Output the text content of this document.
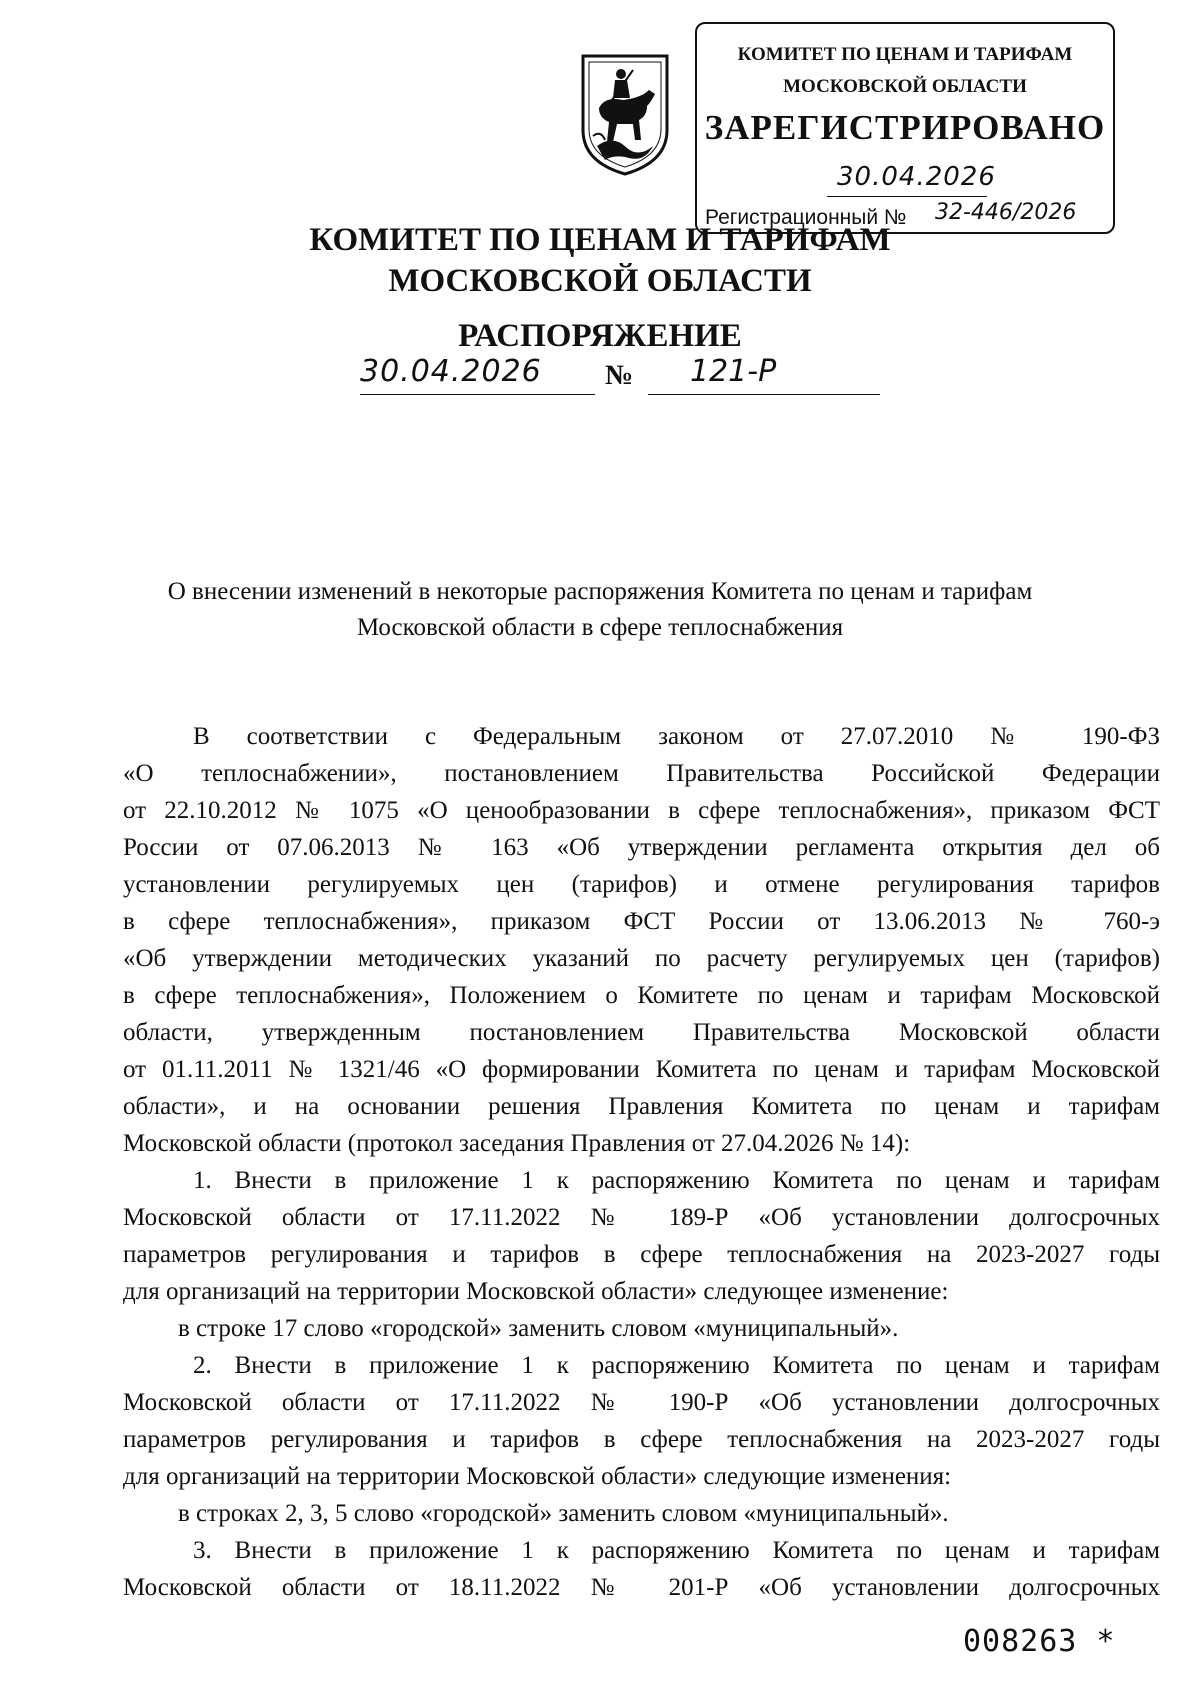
КОМИТЕТ ПО ЦЕНАМ И ТАРИФАМ
МОСКОВСКОЙ ОБЛАСТИ
ЗАРЕГИСТРИРОВАНО
30.04.2026
Регистрационный № 32-446/2026
КОМИТЕТ ПО ЦЕНАМ И ТАРИФАМ
МОСКОВСКОЙ ОБЛАСТИ
РАСПОРЯЖЕНИЕ
30.04.2026 № 121-Р
О внесении изменений в некоторые распоряжения Комитета по ценам и тарифам
Московской области в сфере теплоснабжения
В соответствии с Федеральным законом от 27.07.2010 № 190-ФЗ
«О теплоснабжении», постановлением Правительства Российской Федерации
от 22.10.2012 № 1075 «О ценообразовании в сфере теплоснабжения», приказом ФСТ
России от 07.06.2013 № 163 «Об утверждении регламента открытия дел об
установлении регулируемых цен (тарифов) и отмене регулирования тарифов
в сфере теплоснабжения», приказом ФСТ России от 13.06.2013 № 760-э
«Об утверждении методических указаний по расчету регулируемых цен (тарифов)
в сфере теплоснабжения», Положением о Комитете по ценам и тарифам Московской
области, утвержденным постановлением Правительства Московской области
от 01.11.2011 № 1321/46 «О формировании Комитета по ценам и тарифам Московской
области», и на основании решения Правления Комитета по ценам и тарифам
Московской области (протокол заседания Правления от 27.04.2026 № 14):
1. Внести в приложение 1 к распоряжению Комитета по ценам и тарифам
Московской области от 17.11.2022 № 189-Р «Об установлении долгосрочных
параметров регулирования и тарифов в сфере теплоснабжения на 2023-2027 годы
для организаций на территории Московской области» следующее изменение:
в строке 17 слово «городской» заменить словом «муниципальный».
2. Внести в приложение 1 к распоряжению Комитета по ценам и тарифам
Московской области от 17.11.2022 № 190-Р «Об установлении долгосрочных
параметров регулирования и тарифов в сфере теплоснабжения на 2023-2027 годы
для организаций на территории Московской области» следующие изменения:
в строках 2, 3, 5 слово «городской» заменить словом «муниципальный».
3. Внести в приложение 1 к распоряжению Комитета по ценам и тарифам
Московской области от 18.11.2022 № 201-Р «Об установлении долгосрочных
008263 *
